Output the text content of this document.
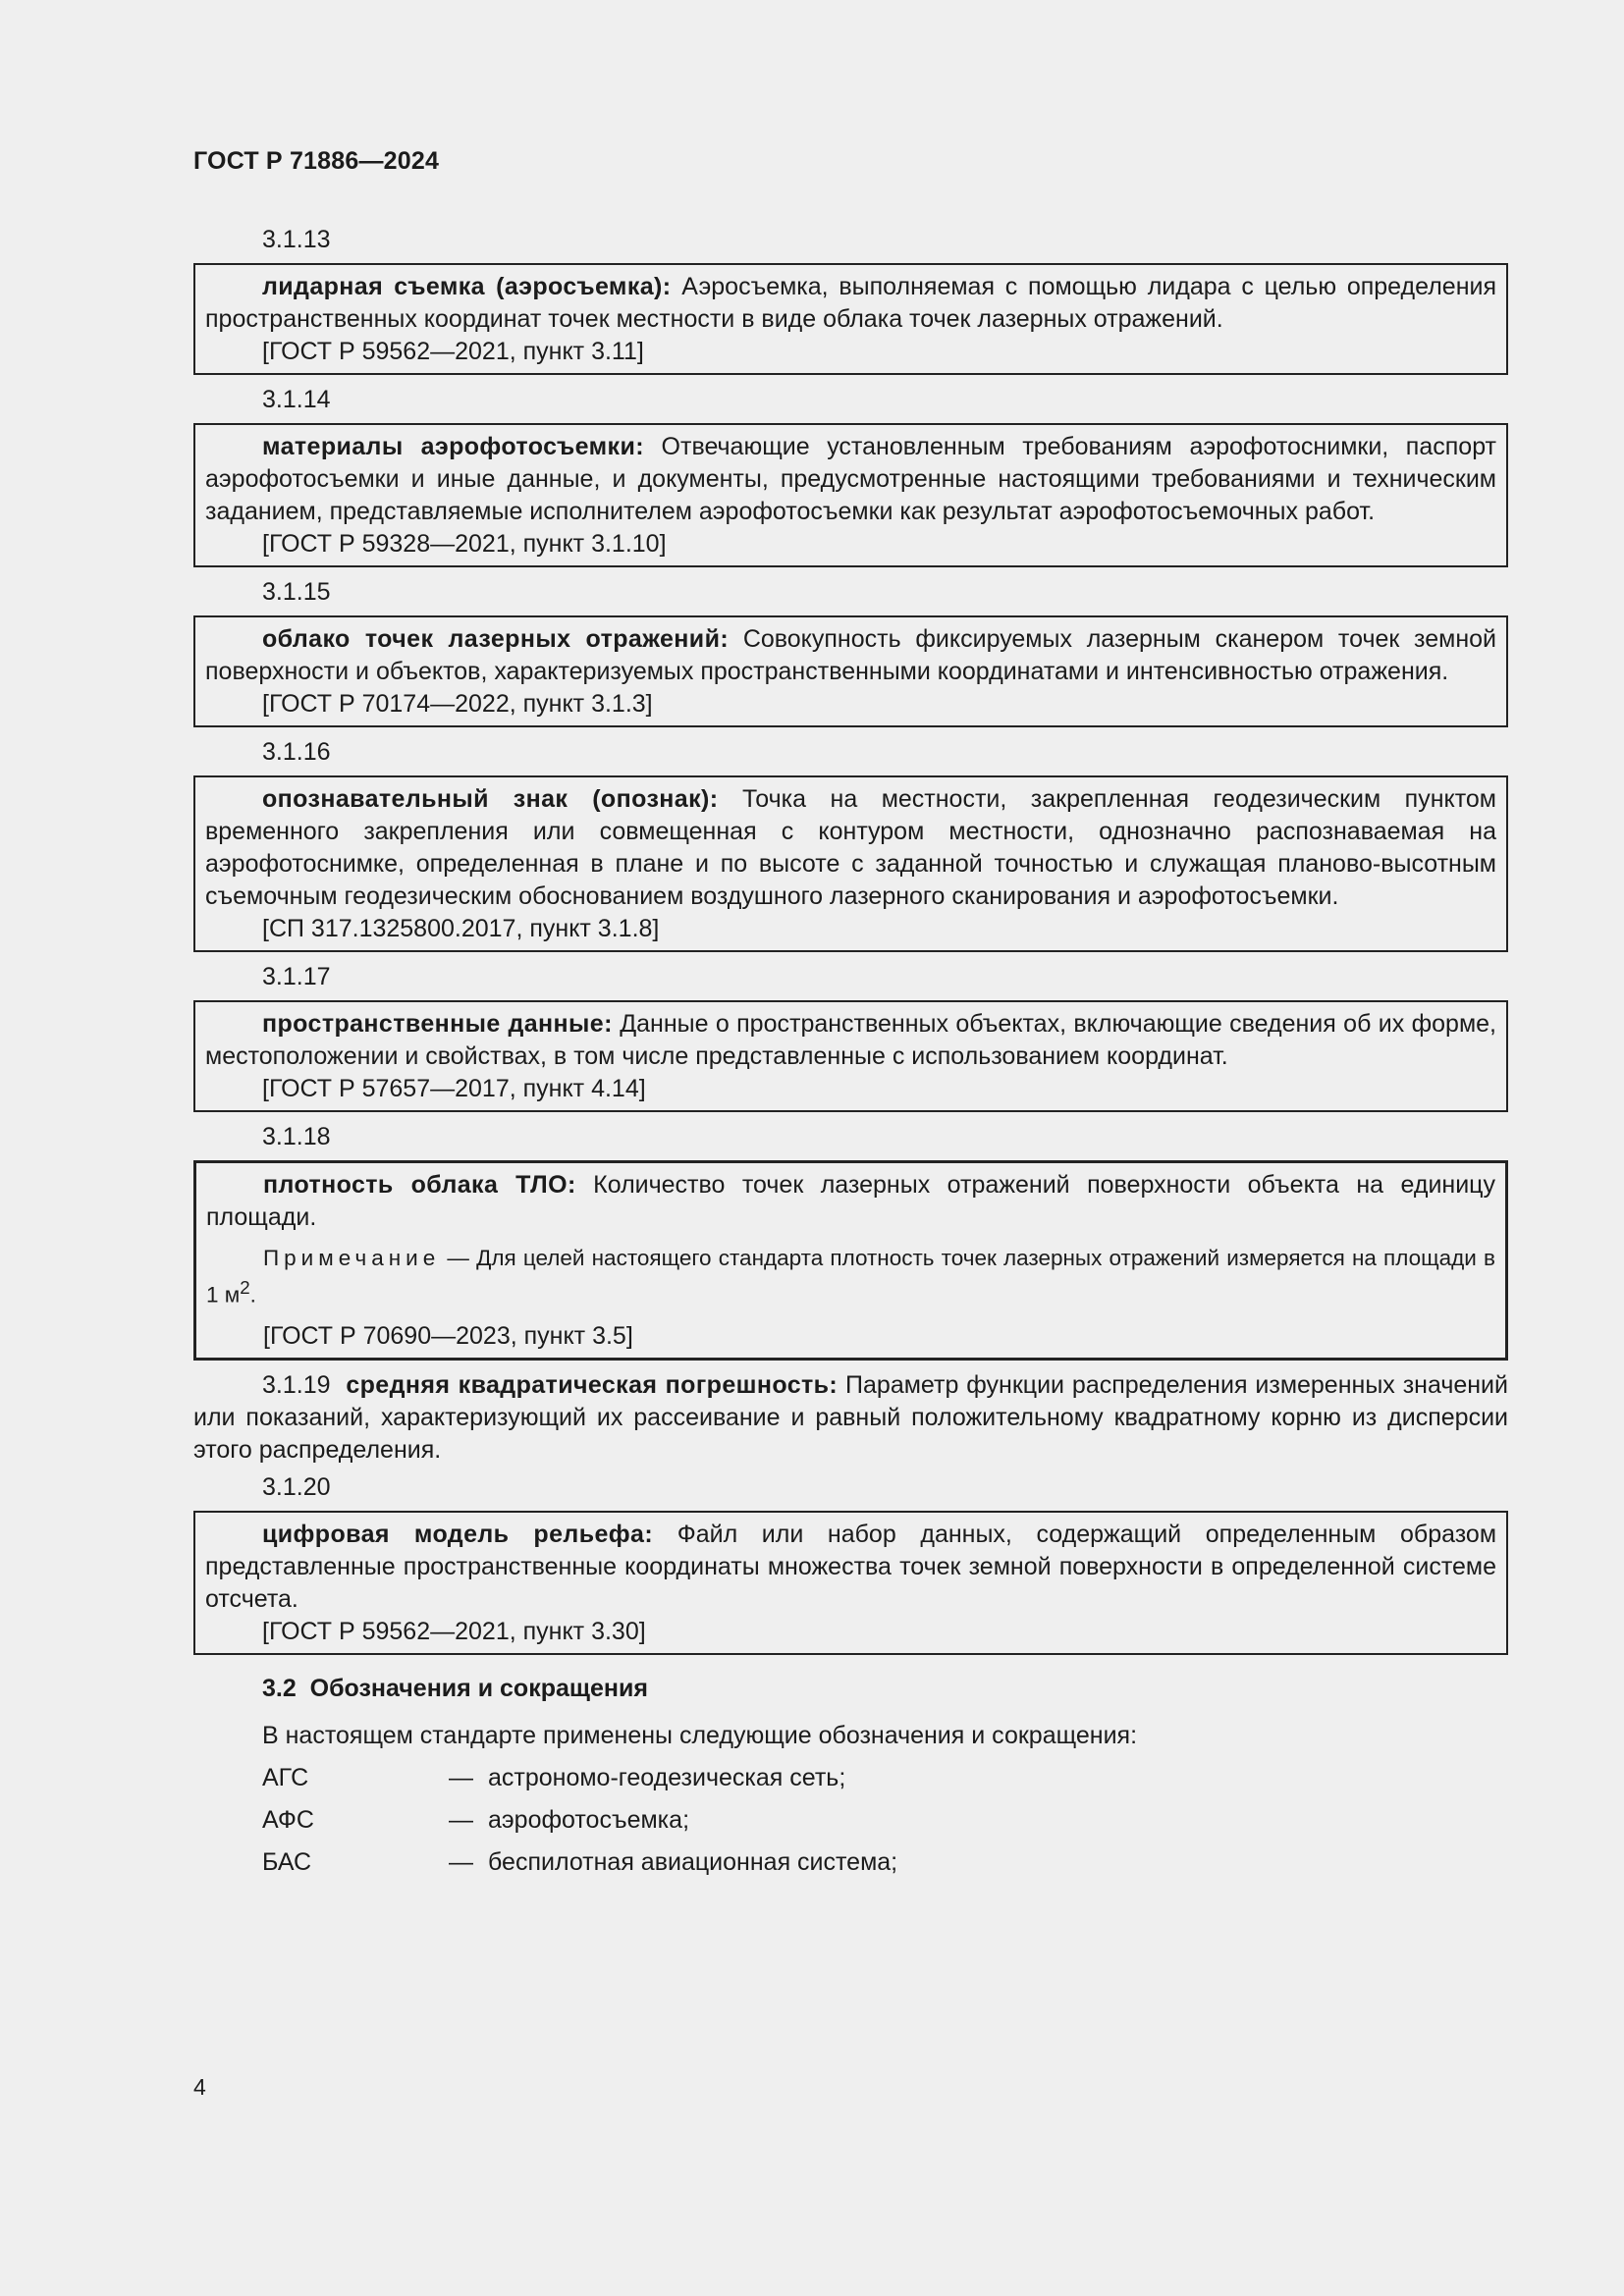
ГОСТ Р 71886—2024
3.1.13

лидарная съемка (аэросъемка): Аэросъемка, выполняемая с помощью лидара с целью определения пространственных координат точек местности в виде облака точек лазерных отражений.

[ГОСТ Р 59562—2021, пункт 3.11]

3.1.14

материалы аэрофотосъемки: Отвечающие установленным требованиям аэрофотоснимки, паспорт аэрофотосъемки и иные данные, и документы, предусмотренные настоящими требованиями и техническим заданием, представляемые исполнителем аэрофотосъемки как результат аэрофотосъемочных работ.

[ГОСТ Р 59328—2021, пункт 3.1.10]

3.1.15

облако точек лазерных отражений: Совокупность фиксируемых лазерным сканером точек земной поверхности и объектов, характеризуемых пространственными координатами и интенсивностью отражения.

[ГОСТ Р 70174—2022, пункт 3.1.3]

3.1.16

опознавательный знак (опознак): Точка на местности, закрепленная геодезическим пунктом временного закрепления или совмещенная с контуром местности, однозначно распознаваемая на аэрофотоснимке, определенная в плане и по высоте с заданной точностью и служащая планово-высотным съемочным геодезическим обоснованием воздушного лазерного сканирования и аэрофотосъемки.

[СП 317.1325800.2017, пункт 3.1.8]

3.1.17

пространственные данные: Данные о пространственных объектах, включающие сведения об их форме, местоположении и свойствах, в том числе представленные с использованием координат.

[ГОСТ Р 57657—2017, пункт 4.14]

3.1.18

плотность облака ТЛО: Количество точек лазерных отражений поверхности объекта на единицу площади.

Примечание — Для целей настоящего стандарта плотность точек лазерных отражений измеряется на площади в 1 $м^2$.

[ГОСТ Р 70690—2023, пункт 3.5]

3.1.19 средняя квадратическая погрешность: Параметр функции распределения измеренных значений или показаний, характеризующий их рассеивание и равный положительному квадратному корню из дисперсии этого распределения.

3.1.20

цифровая модель рельефа: Файл или набор данных, содержащий определенным образом представленные пространственные координаты множества точек земной поверхности в определенной системе отсчета.

[ГОСТ Р 59562—2021, пункт 3.30]

3.2  Обозначения и сокращения
В настоящем стандарте применены следующие обозначения и сокращения:
АГС	— астрономо-геодезическая сеть;
АФС	— аэрофотосъемка;
БАС	— беспилотная авиационная система;
4
